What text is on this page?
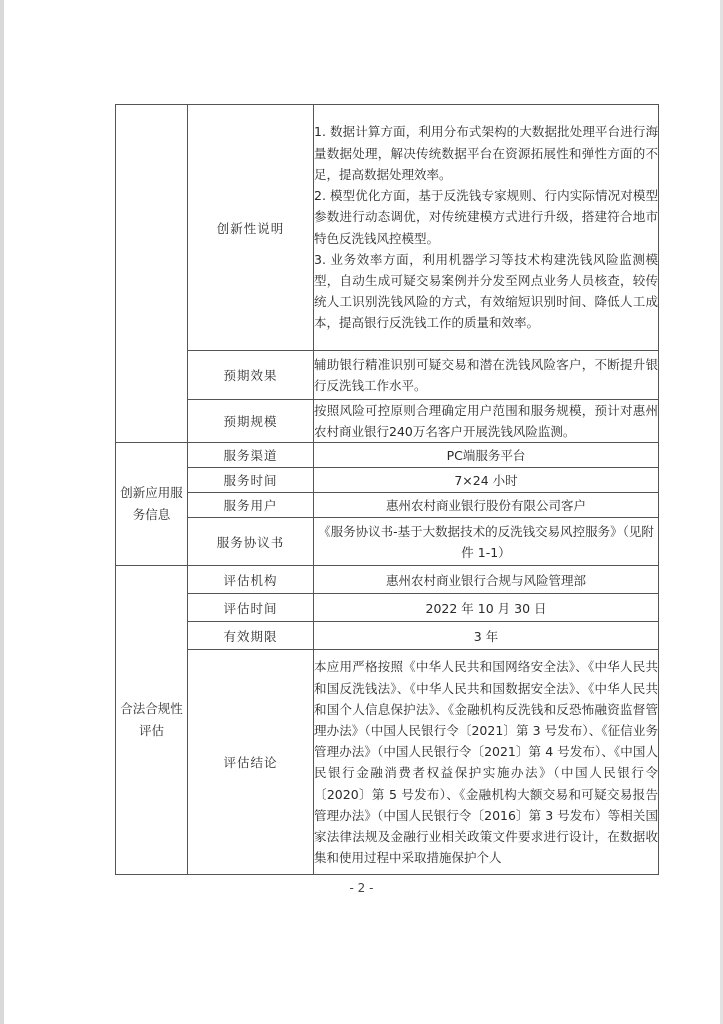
	创新性说明	1. 数据计算方面，利用分布式架构的大数据批处理平台进行海量数据处理，解决传统数据平台在资源拓展性和弹性方面的不足，提高数据处理效率。
2. 模型优化方面，基于反洗钱专家规则、行内实际情况对模型参数进行动态调优，对传统建模方式进行升级，搭建符合地市特色反洗钱风控模型。
3. 业务效率方面，利用机器学习等技术构建洗钱风险监测模型，自动生成可疑交易案例并分发至网点业务人员核查，较传统人工识别洗钱风险的方式，有效缩短识别时间、降低人工成本，提高银行反洗钱工作的质量和效率。

	预期效果	辅助银行精准识别可疑交易和潜在洗钱风险客户，不断提升银行反洗钱工作水平。
	预期规模	按照风险可控原则合理确定用户范围和服务规模，预计对惠州农村商业银行240万名客户开展洗钱风险监测。
创新应用服务信息	服务渠道	PC端服务平台
	服务时间	7×24 小时
	服务用户	惠州农村商业银行股份有限公司客户
	服务协议书	《服务协议书-基于大数据技术的反洗钱交易风控服务》（见附件 1-1）
合法合规性评估	评估机构	惠州农村商业银行合规与风险管理部
	评估时间	2022 年 10 月 30 日
	有效期限	3 年
	评估结论	本应用严格按照《中华人民共和国网络安全法》、《中华人民共和国反洗钱法》、《中华人民共和国数据安全法》、《中华人民共和国个人信息保护法》、《金融机构反洗钱和反恐怖融资监督管理办法》（中国人民银行令〔2021〕第 3 号发布）、《征信业务管理办法》（中国人民银行令〔2021〕第 4 号发布）、《中国人民银行金融消费者权益保护实施办法》（中国人民银行令〔2020〕第 5 号发布）、《金融机构大额交易和可疑交易报告管理办法》（中国人民银行令〔2016〕第 3 号发布）等相关国家法律法规及金融行业相关政策文件要求进行设计，在数据收集和使用过程中采取措施保护个人
- 2 -
